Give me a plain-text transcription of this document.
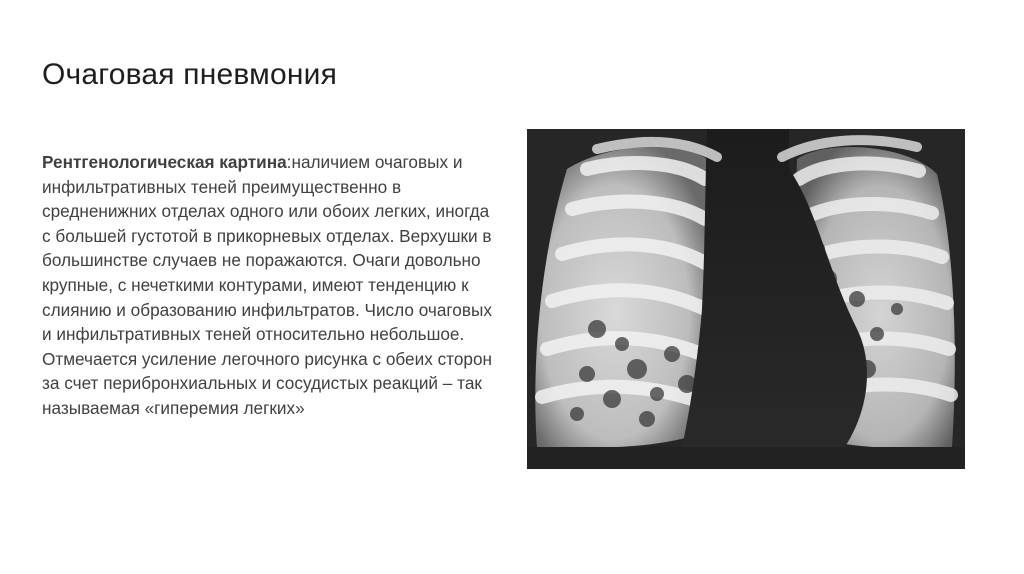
Очаговая пневмония
Рентгенологическая картина:наличием очаговых и инфильтративных теней преимущественно в средненижних отделах одного или обоих легких, иногда с большей густотой в прикорневых отделах. Верхушки в большинстве случаев не поражаются. Очаги довольно крупные, с нечеткими контурами, имеют тенденцию к слиянию и образованию инфильтратов. Число очаговых и инфильтративных теней относительно небольшое. Отмечается усиление легочного рисунка с обеих сторон за счет перибронхиальных и сосудистых реакций – так называемая «гиперемия легких»
